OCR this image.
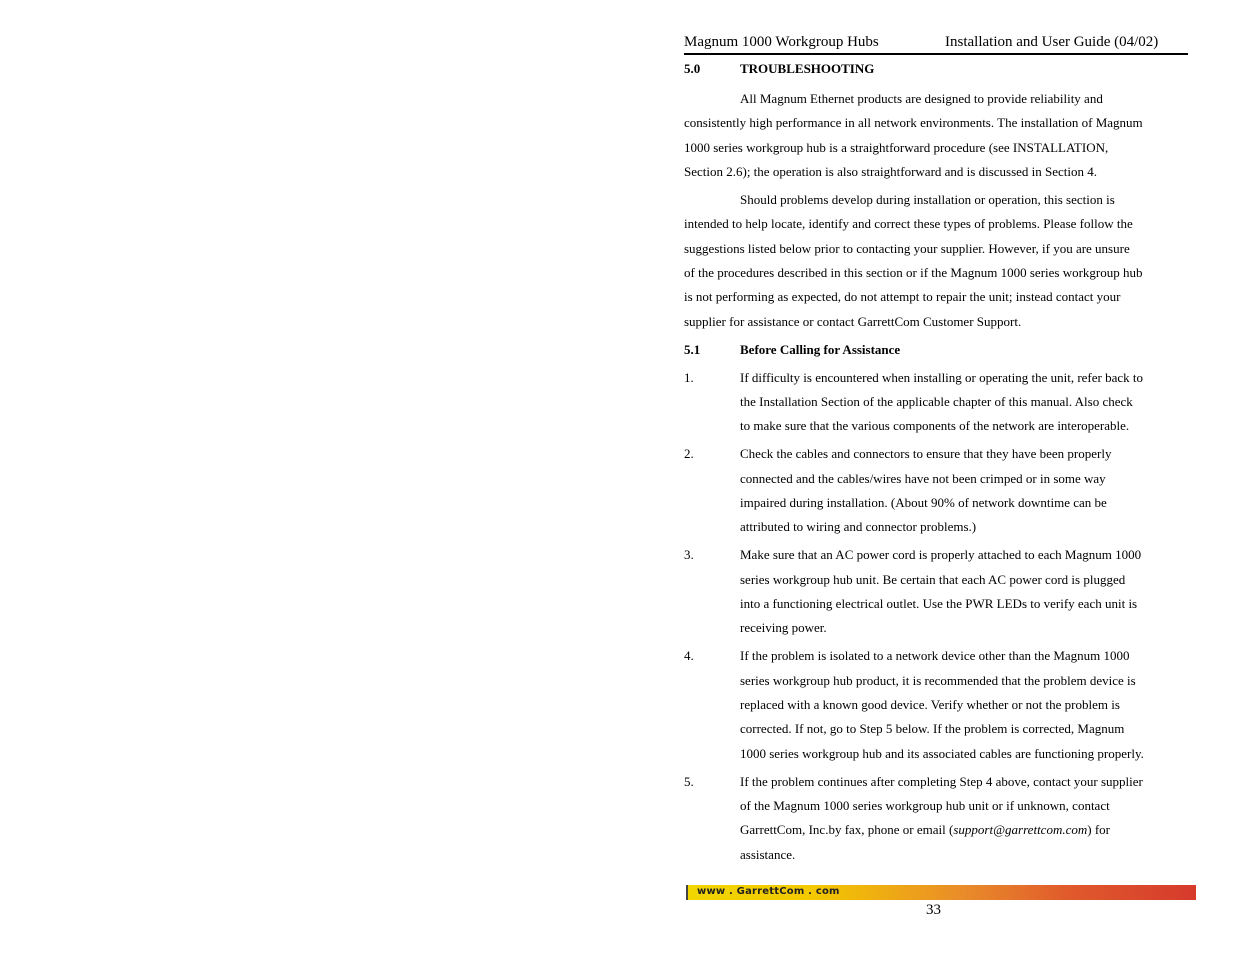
Magnum 1000 Workgroup Hubs	Installation and User Guide (04/02)
5.0	TROUBLESHOOTING
All Magnum Ethernet products are designed to provide reliability and
consistently high performance in all network environments. The installation of Magnum
1000 series workgroup hub is a straightforward procedure (see INSTALLATION,
Section 2.6); the operation is also straightforward and is discussed in Section 4.
Should problems develop during installation or operation, this section is
intended to help locate, identify and correct these types of problems. Please follow the
suggestions listed below prior to contacting your supplier. However, if you are unsure
of the procedures described in this section or if the Magnum 1000 series workgroup hub
is not performing as expected, do not attempt to repair the unit; instead contact your
supplier for assistance or contact GarrettCom Customer Support.
5.1	Before Calling for Assistance
1.	If difficulty is encountered when installing or operating the unit, refer back to
the Installation Section of the applicable chapter of this manual. Also check
to make sure that the various components of the network are interoperable.
2.	Check the cables and connectors to ensure that they have been properly
connected and the cables/wires have not been crimped or in some way
impaired during installation. (About 90% of network downtime can be
attributed to wiring and connector problems.)
3.	Make sure that an AC power cord is properly attached to each Magnum 1000
series workgroup hub unit. Be certain that each AC power cord is plugged
into a functioning electrical outlet. Use the PWR LEDs to verify each unit is
receiving power.
4.	If the problem is isolated to a network device other than the Magnum 1000
series workgroup hub product, it is recommended that the problem device is
replaced with a known good device. Verify whether or not the problem is
corrected. If not, go to Step 5 below. If the problem is corrected, Magnum
1000 series workgroup hub and its associated cables are functioning properly.
5.	If the problem continues after completing Step 4 above, contact your supplier
of the Magnum 1000 series workgroup hub unit or if unknown, contact
GarrettCom, Inc.by fax, phone or email (support@garrettcom.com) for
assistance.
www . GarrettCom . com
33
